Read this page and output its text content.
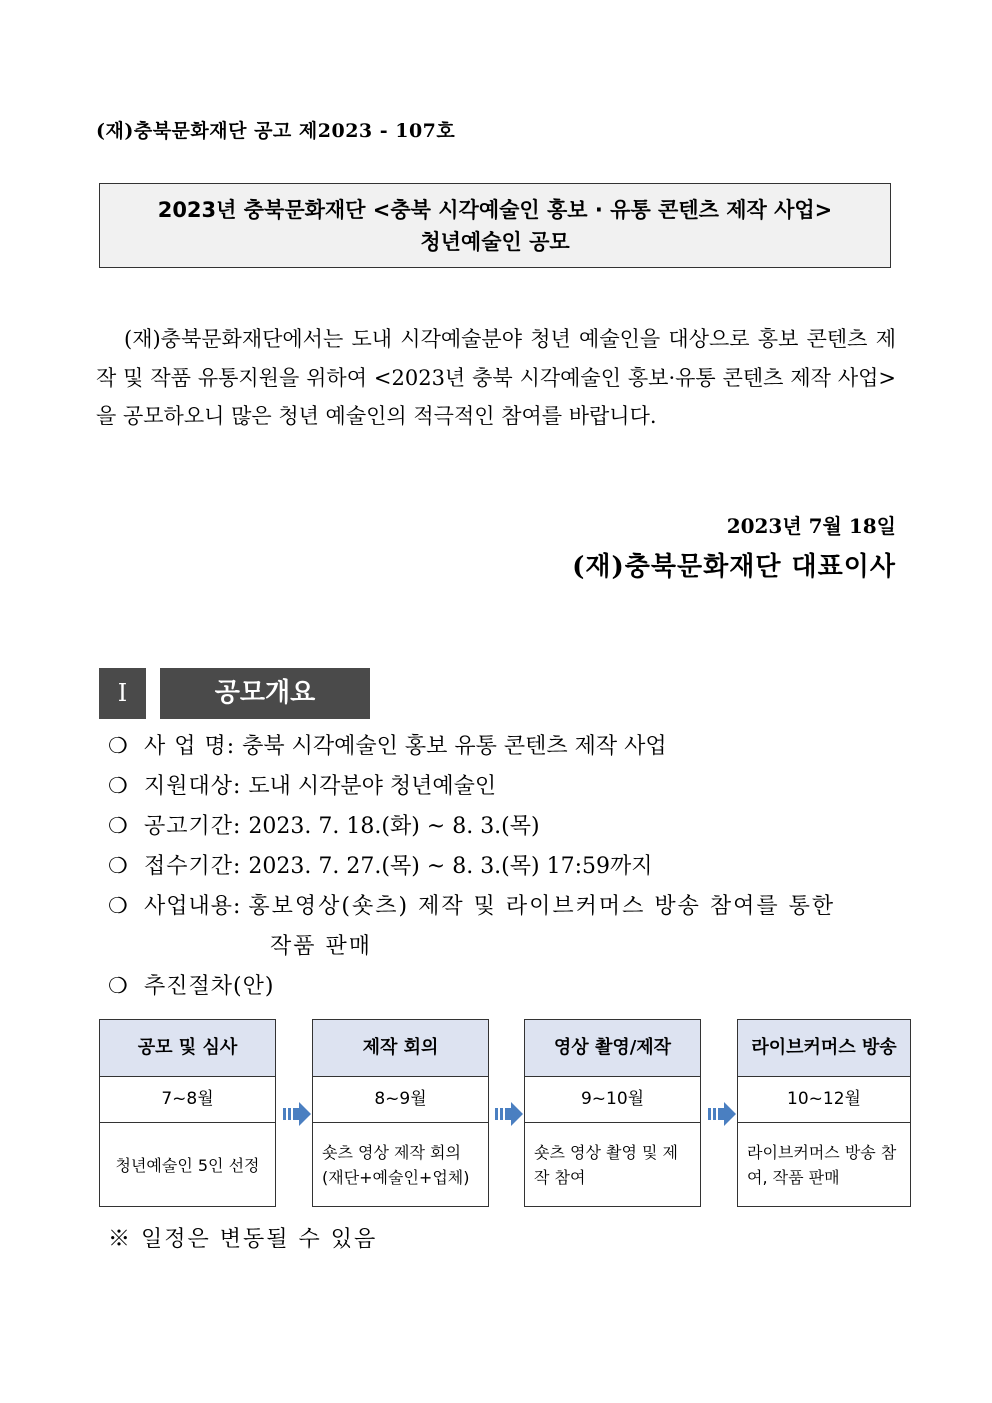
(재)충북문화재단 공고 제2023 - 107호
2023년 충북문화재단 <충북 시각예술인 홍보 · 유통 콘텐츠 제작 사업>
청년예술인 공모
(재)충북문화재단에서는 도내 시각예술분야 청년 예술인을 대상으로 홍보 콘텐츠 제작 및 작품 유통지원을 위하여 <2023년 충북 시각예술인 홍보·유통 콘텐츠 제작 사업>을 공모하오니 많은 청년 예술인의 적극적인 참여를 바랍니다.
2023년 7월 18일
(재)충북문화재단 대표이사
Ⅰ	공모개요
❍ 사 업 명: 충북 시각예술인 홍보 유통 콘텐츠 제작 사업
❍ 지원대상: 도내 시각분야 청년예술인
❍ 공고기간: 2023. 7. 18.(화) ~ 8. 3.(목)
❍ 접수기간: 2023. 7. 27.(목) ~ 8. 3.(목) 17:59까지
❍ 사업내용: 홍보영상(숏츠) 제작 및 라이브커머스 방송 참여를 통한
작품 판매
❍ 추진절차(안)
공모 및 심사
7~8월
청년예술인 5인 선정
제작 회의
8~9월
숏츠 영상 제작 회의 (재단+예술인+업체)
영상 촬영/제작
9~10월
숏츠 영상 촬영 및 제작 참여
라이브커머스 방송
10~12월
라이브커머스 방송 참여, 작품 판매
※ 일정은 변동될 수 있음
